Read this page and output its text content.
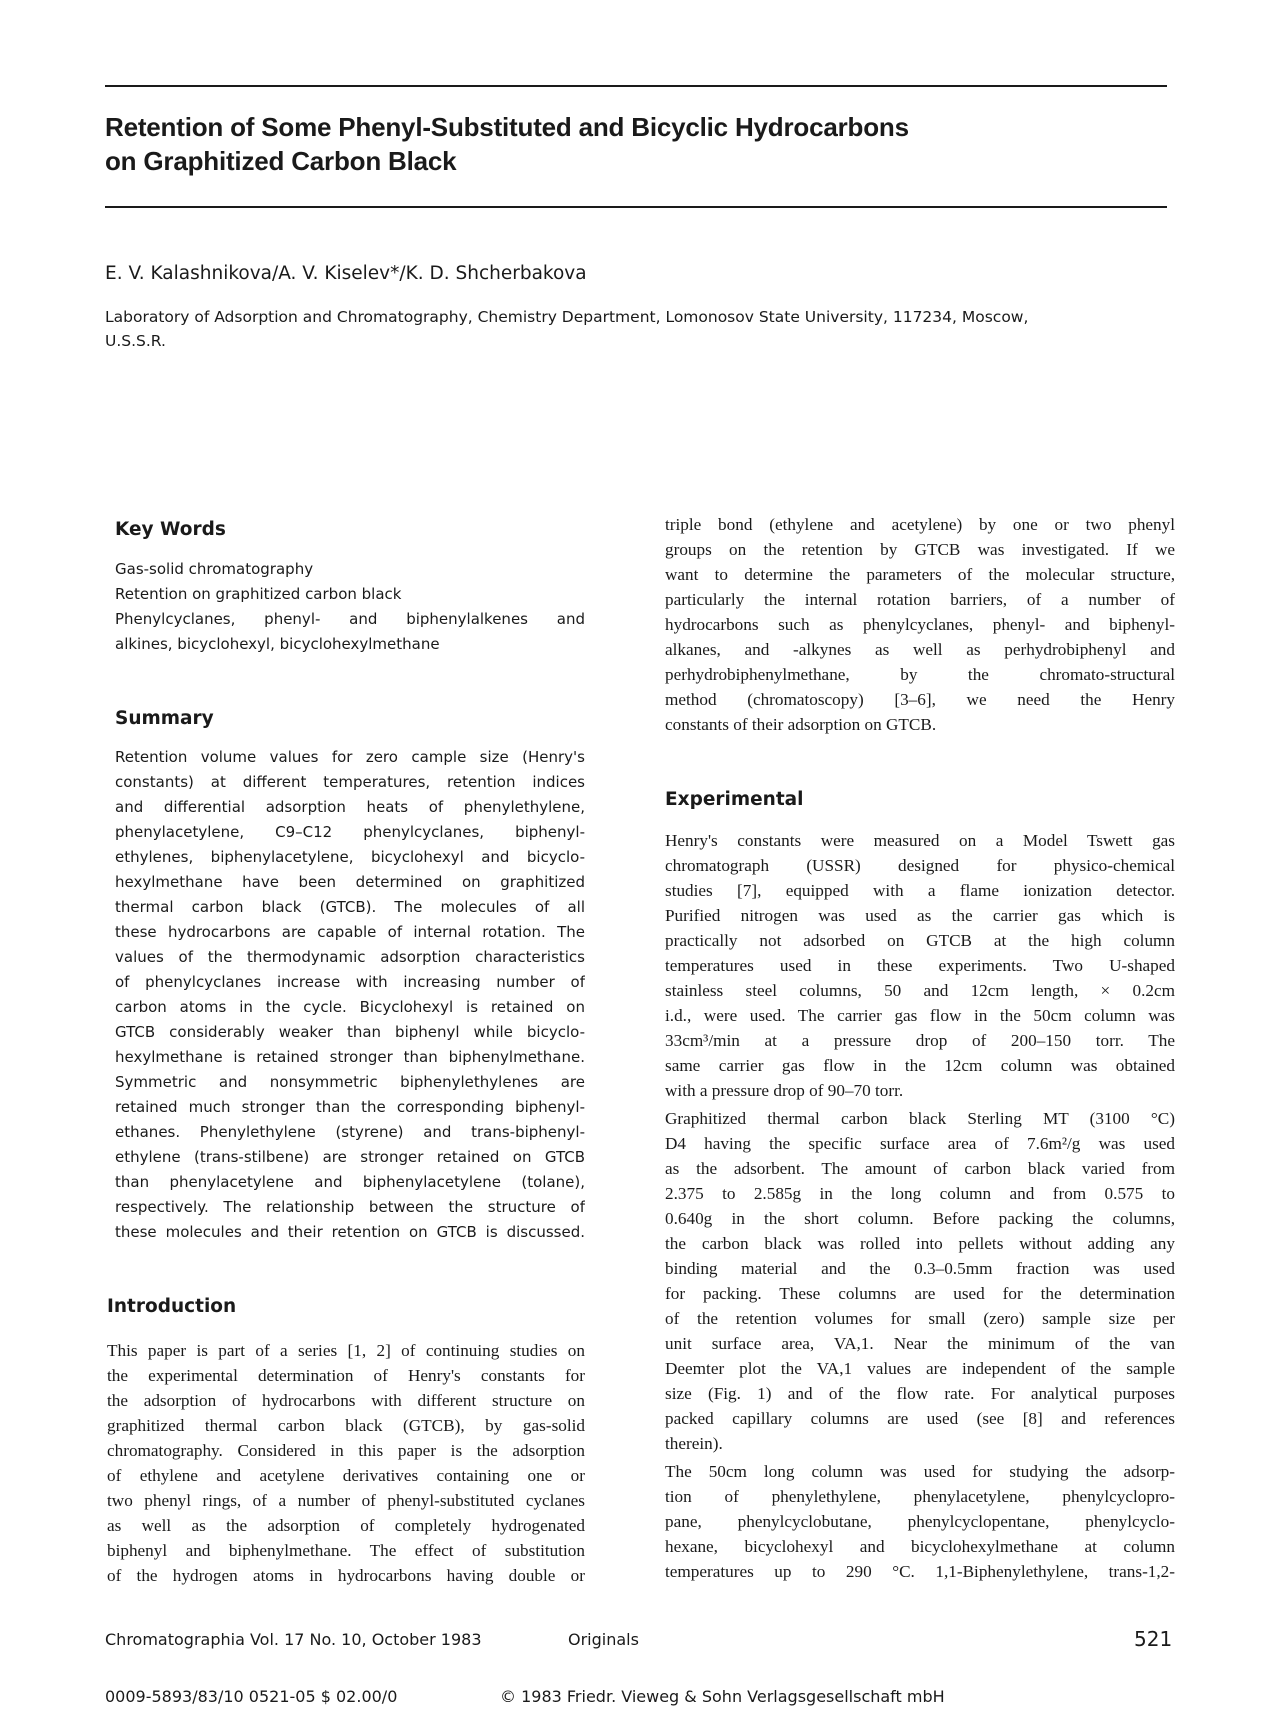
Retention of Some Phenyl-Substituted and Bicyclic Hydrocarbons
on Graphitized Carbon Black
E. V. Kalashnikova/A. V. Kiselev*/K. D. Shcherbakova
Laboratory of Adsorption and Chromatography, Chemistry Department, Lomonosov State University, 117234, Moscow,
U.S.S.R.
Key Words
Gas-solid chromatography
Retention on graphitized carbon black
Phenylcyclanes, phenyl- and biphenylalkenes and
alkines, bicyclohexyl, bicyclohexylmethane
Summary
Retention volume values for zero cample size (Henry's
constants) at different temperatures, retention indices
and differential adsorption heats of phenylethylene,
phenylacetylene, C9–C12 phenylcyclanes, biphenyl-
ethylenes, biphenylacetylene, bicyclohexyl and bicyclo-
hexylmethane have been determined on graphitized
thermal carbon black (GTCB). The molecules of all
these hydrocarbons are capable of internal rotation. The
values of the thermodynamic adsorption characteristics
of phenylcyclanes increase with increasing number of
carbon atoms in the cycle. Bicyclohexyl is retained on
GTCB considerably weaker than biphenyl while bicyclo-
hexylmethane is retained stronger than biphenylmethane.
Symmetric and nonsymmetric biphenylethylenes are
retained much stronger than the corresponding biphenyl-
ethanes. Phenylethylene (styrene) and trans-biphenyl-
ethylene (trans-stilbene) are stronger retained on GTCB
than phenylacetylene and biphenylacetylene (tolane),
respectively. The relationship between the structure of
these molecules and their retention on GTCB is discussed.
Introduction
This paper is part of a series [1, 2] of continuing studies on
the experimental determination of Henry's constants for
the adsorption of hydrocarbons with different structure on
graphitized thermal carbon black (GTCB), by gas-solid
chromatography. Considered in this paper is the adsorption
of ethylene and acetylene derivatives containing one or
two phenyl rings, of a number of phenyl-substituted cyclanes
as well as the adsorption of completely hydrogenated
biphenyl and biphenylmethane. The effect of substitution
of the hydrogen atoms in hydrocarbons having double or
triple bond (ethylene and acetylene) by one or two phenyl
groups on the retention by GTCB was investigated. If we
want to determine the parameters of the molecular structure,
particularly the internal rotation barriers, of a number of
hydrocarbons such as phenylcyclanes, phenyl- and biphenyl-
alkanes, and -alkynes as well as perhydrobiphenyl and
perhydrobiphenylmethane, by the chromato-structural
method (chromatoscopy) [3–6], we need the Henry
constants of their adsorption on GTCB.
Experimental
Henry's constants were measured on a Model Tswett gas
chromatograph (USSR) designed for physico-chemical
studies [7], equipped with a flame ionization detector.
Purified nitrogen was used as the carrier gas which is
practically not adsorbed on GTCB at the high column
temperatures used in these experiments. Two U-shaped
stainless steel columns, 50 and 12cm length, × 0.2cm
i.d., were used. The carrier gas flow in the 50cm column was
33cm³/min at a pressure drop of 200–150 torr. The
same carrier gas flow in the 12cm column was obtained
with a pressure drop of 90–70 torr.
Graphitized thermal carbon black Sterling MT (3100 °C)
D4 having the specific surface area of 7.6m²/g was used
as the adsorbent. The amount of carbon black varied from
2.375 to 2.585g in the long column and from 0.575 to
0.640g in the short column. Before packing the columns,
the carbon black was rolled into pellets without adding any
binding material and the 0.3–0.5mm fraction was used
for packing. These columns are used for the determination
of the retention volumes for small (zero) sample size per
unit surface area, VA,1. Near the minimum of the van
Deemter plot the VA,1 values are independent of the sample
size (Fig. 1) and of the flow rate. For analytical purposes
packed capillary columns are used (see [8] and references
therein).
The 50cm long column was used for studying the adsorp-
tion of phenylethylene, phenylacetylene, phenylcyclopro-
pane, phenylcyclobutane, phenylcyclopentane, phenylcyclo-
hexane, bicyclohexyl and bicyclohexylmethane at column
temperatures up to 290 °C. 1,1-Biphenylethylene, trans-1,2-
Chromatographia Vol. 17 No. 10, October 1983	Originals	521
0009-5893/83/10 0521-05 $ 02.00/0	© 1983 Friedr. Vieweg & Sohn Verlagsgesellschaft mbH
